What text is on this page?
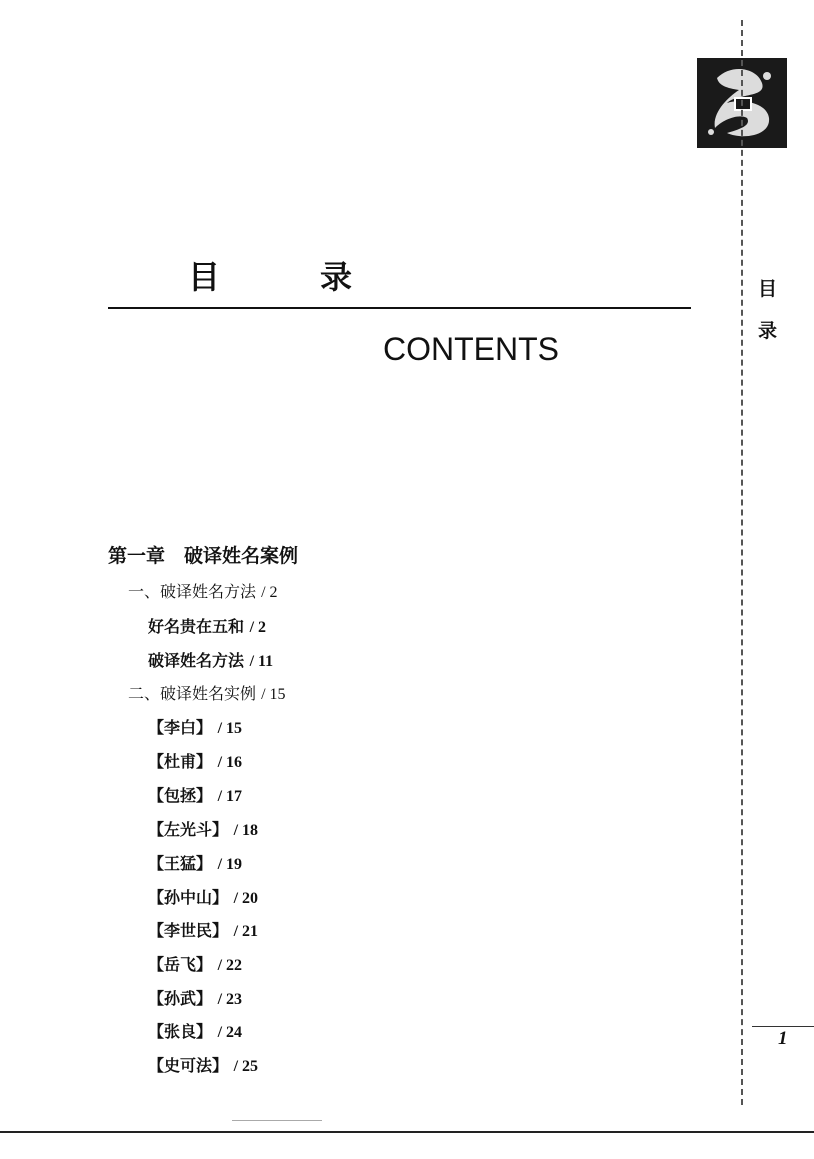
目
录
1
目　录
CONTENTS
第一章　破译姓名案例
一、破译姓名方法 / 2
好名贵在五和 / 2
破译姓名方法 / 11
二、破译姓名实例 / 15
【李白】 / 15
【杜甫】 / 16
【包拯】 / 17
【左光斗】 / 18
【王猛】 / 19
【孙中山】 / 20
【李世民】 / 21
【岳飞】 / 22
【孙武】 / 23
【张良】 / 24
【史可法】 / 25
